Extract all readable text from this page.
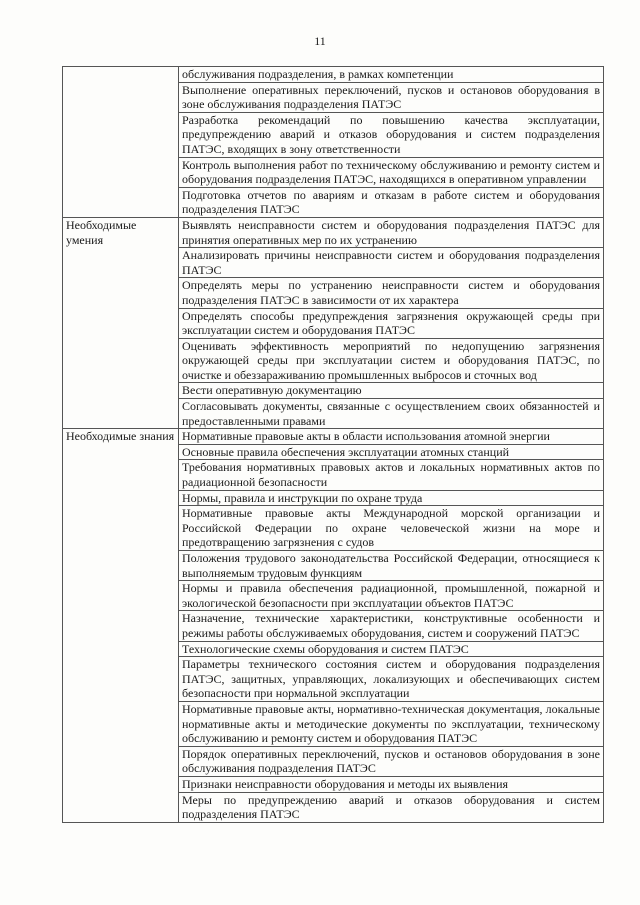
11
	обслуживания подразделения, в рамках компетенции
	Выполнение оперативных переключений, пусков и остановов оборудования в зоне обслуживания подразделения ПАТЭС
	Разработка рекомендаций по повышению качества эксплуатации, предупреждению аварий и отказов оборудования и систем подразделения ПАТЭС, входящих в зону ответственности
	Контроль выполнения работ по техническому обслуживанию и ремонту систем и оборудования подразделения ПАТЭС, находящихся в оперативном управлении
	Подготовка отчетов по авариям и отказам в работе систем и оборудования подразделения ПАТЭС
Необходимые умения	Выявлять неисправности систем и оборудования подразделения ПАТЭС для принятия оперативных мер по их устранению
	Анализировать причины неисправности систем и оборудования подразделения ПАТЭС
	Определять меры по устранению неисправности систем и оборудования подразделения ПАТЭС в зависимости от их характера
	Определять способы предупреждения загрязнения окружающей среды при эксплуатации систем и оборудования ПАТЭС
	Оценивать эффективность мероприятий по недопущению загрязнения окружающей среды при эксплуатации систем и оборудования ПАТЭС, по очистке и обеззараживанию промышленных выбросов и сточных вод
	Вести оперативную документацию
	Согласовывать документы, связанные с осуществлением своих обязанностей и предоставленными правами
Необходимые знания	Нормативные правовые акты в области использования атомной энергии
	Основные правила обеспечения эксплуатации атомных станций
	Требования нормативных правовых актов и локальных нормативных актов по радиационной безопасности
	Нормы, правила и инструкции по охране труда
	Нормативные правовые акты Международной морской организации и Российской Федерации по охране человеческой жизни на море и предотвращению загрязнения с судов
	Положения трудового законодательства Российской Федерации, относящиеся к выполняемым трудовым функциям
	Нормы и правила обеспечения радиационной, промышленной, пожарной и экологической безопасности при эксплуатации объектов ПАТЭС
	Назначение, технические характеристики, конструктивные особенности и режимы работы обслуживаемых оборудования, систем и сооружений ПАТЭС
	Технологические схемы оборудования и систем ПАТЭС
	Параметры технического состояния систем и оборудования подразделения ПАТЭС, защитных, управляющих, локализующих и обеспечивающих систем безопасности при нормальной эксплуатации
	Нормативные правовые акты, нормативно-техническая документация, локальные нормативные акты и методические документы по эксплуатации, техническому обслуживанию и ремонту систем и оборудования ПАТЭС
	Порядок оперативных переключений, пусков и остановов оборудования в зоне обслуживания подразделения ПАТЭС
	Признаки неисправности оборудования и методы их выявления
	Меры по предупреждению аварий и отказов оборудования и систем подразделения ПАТЭС
